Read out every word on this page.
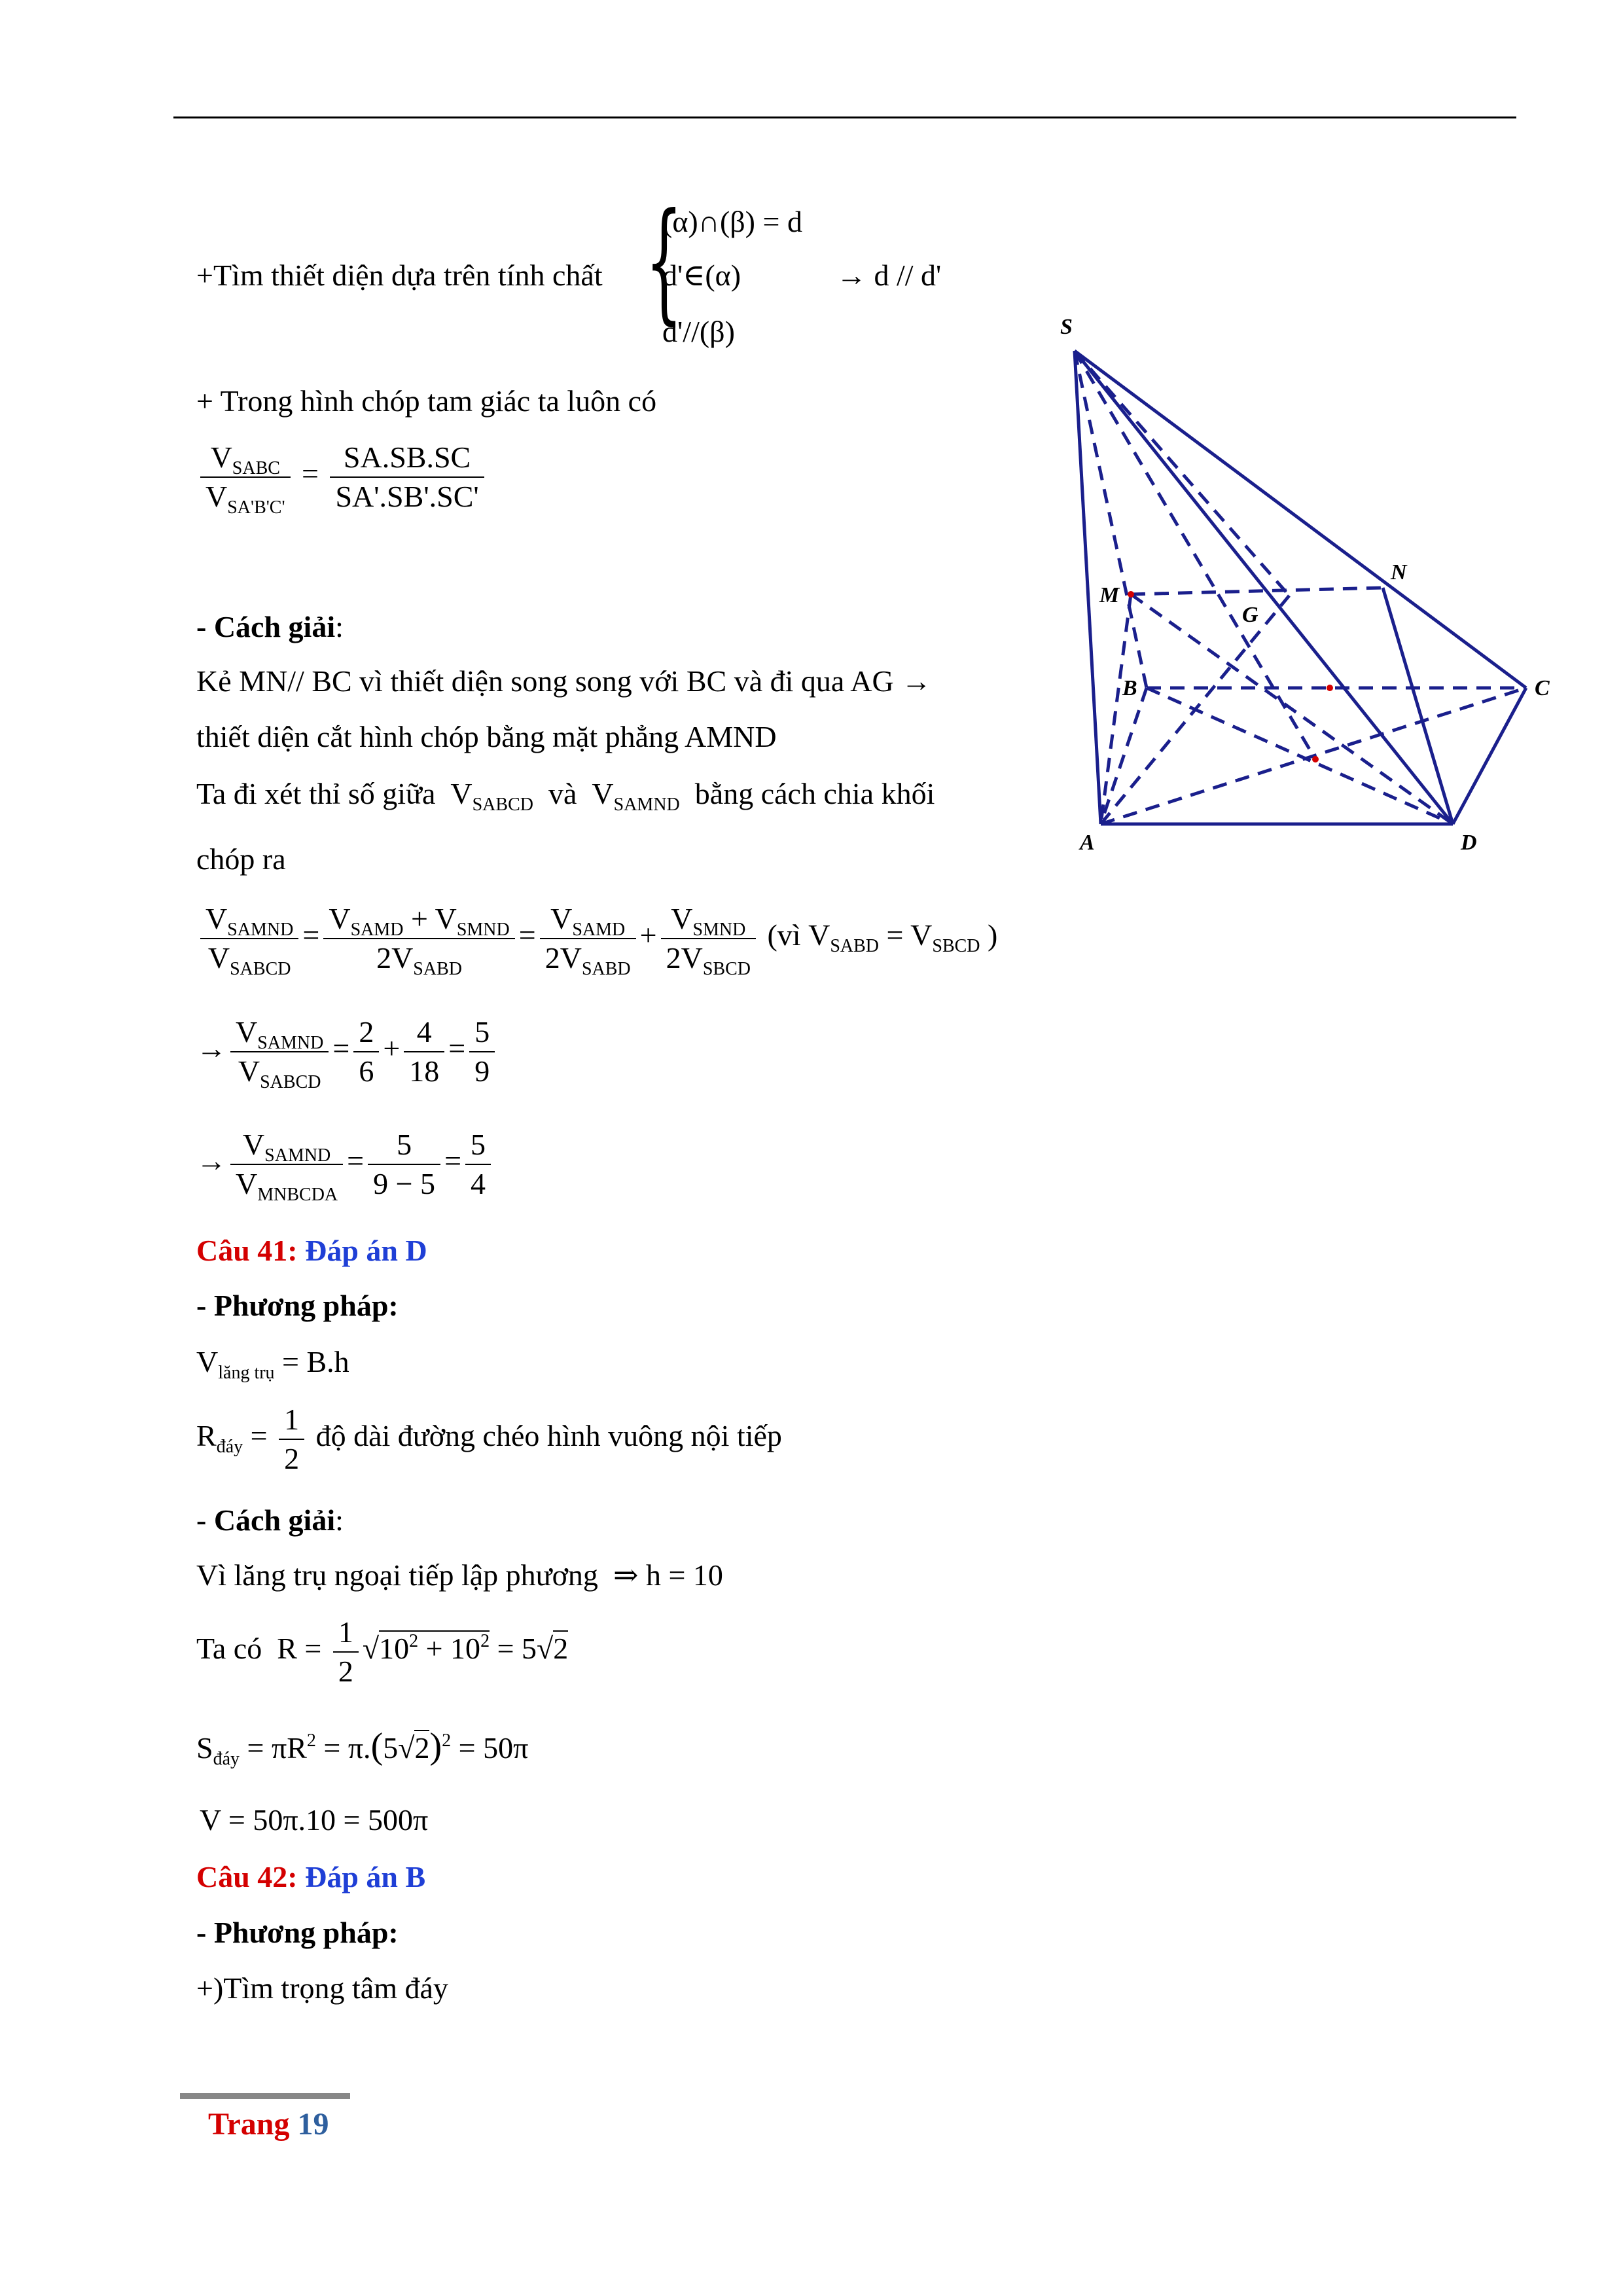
+Tìm thiết diện dựa trên tính chất {
(α)∩(β) = d
d'∈(α)
d'//(β)
→ d // d'
+ Trong hình chóp tam giác ta luôn có
$\frac{V_{SABC}}{V_{SA'B'C'}} = \frac{SA.SB.SC}{SA'.SB'.SC'}$
- Cách giải:
Kẻ MN// BC vì thiết diện song song với BC và đi qua AG →
thiết diện cắt hình chóp bằng mặt phẳng AMND
Ta đi xét thỉ số giữa  $V_{SABCD}$ và  $V_{SAMND}$ bằng cách chia khối
chóp ra
$\frac{V_{SAMND}}{V_{SABCD}} = \frac{V_{SAMD} + V_{SMND}}{2V_{SABD}} = \frac{V_{SAMD}}{2V_{SABD}} + \frac{V_{SMND}}{2V_{SBCD}}$ (vì $V_{SABD} = V_{SBCD}$ )
→ $\frac{V_{SAMND}}{V_{SABCD}} = \frac{2}{6} + \frac{4}{18} = \frac{5}{9}$
→ $\frac{V_{SAMND}}{V_{MNBCDA}} = \frac{5}{9 - 5} = \frac{5}{4}$
Câu 41: Đáp án D
- Phương pháp:
$V_{lăng trụ} = B.h$
$R_{đáy} = \frac{1}{2}$ độ dài đường chéo hình vuông nội tiếp
- Cách giải:
Vì lăng trụ ngoại tiếp lập phương ⇒ h = 10
Ta có  $R = \frac{1}{2} √10^2 + 10^2 = 5√2$
$S_{đáy} = \pi R^2 = \pi.(5√2)^2 = 50\pi$
V = 50π.10 = 500π
Câu 42: Đáp án B
- Phương pháp:
+)Tìm trọng tâm đáy
S
N
M
G
B	C
A	D
Trang 19
